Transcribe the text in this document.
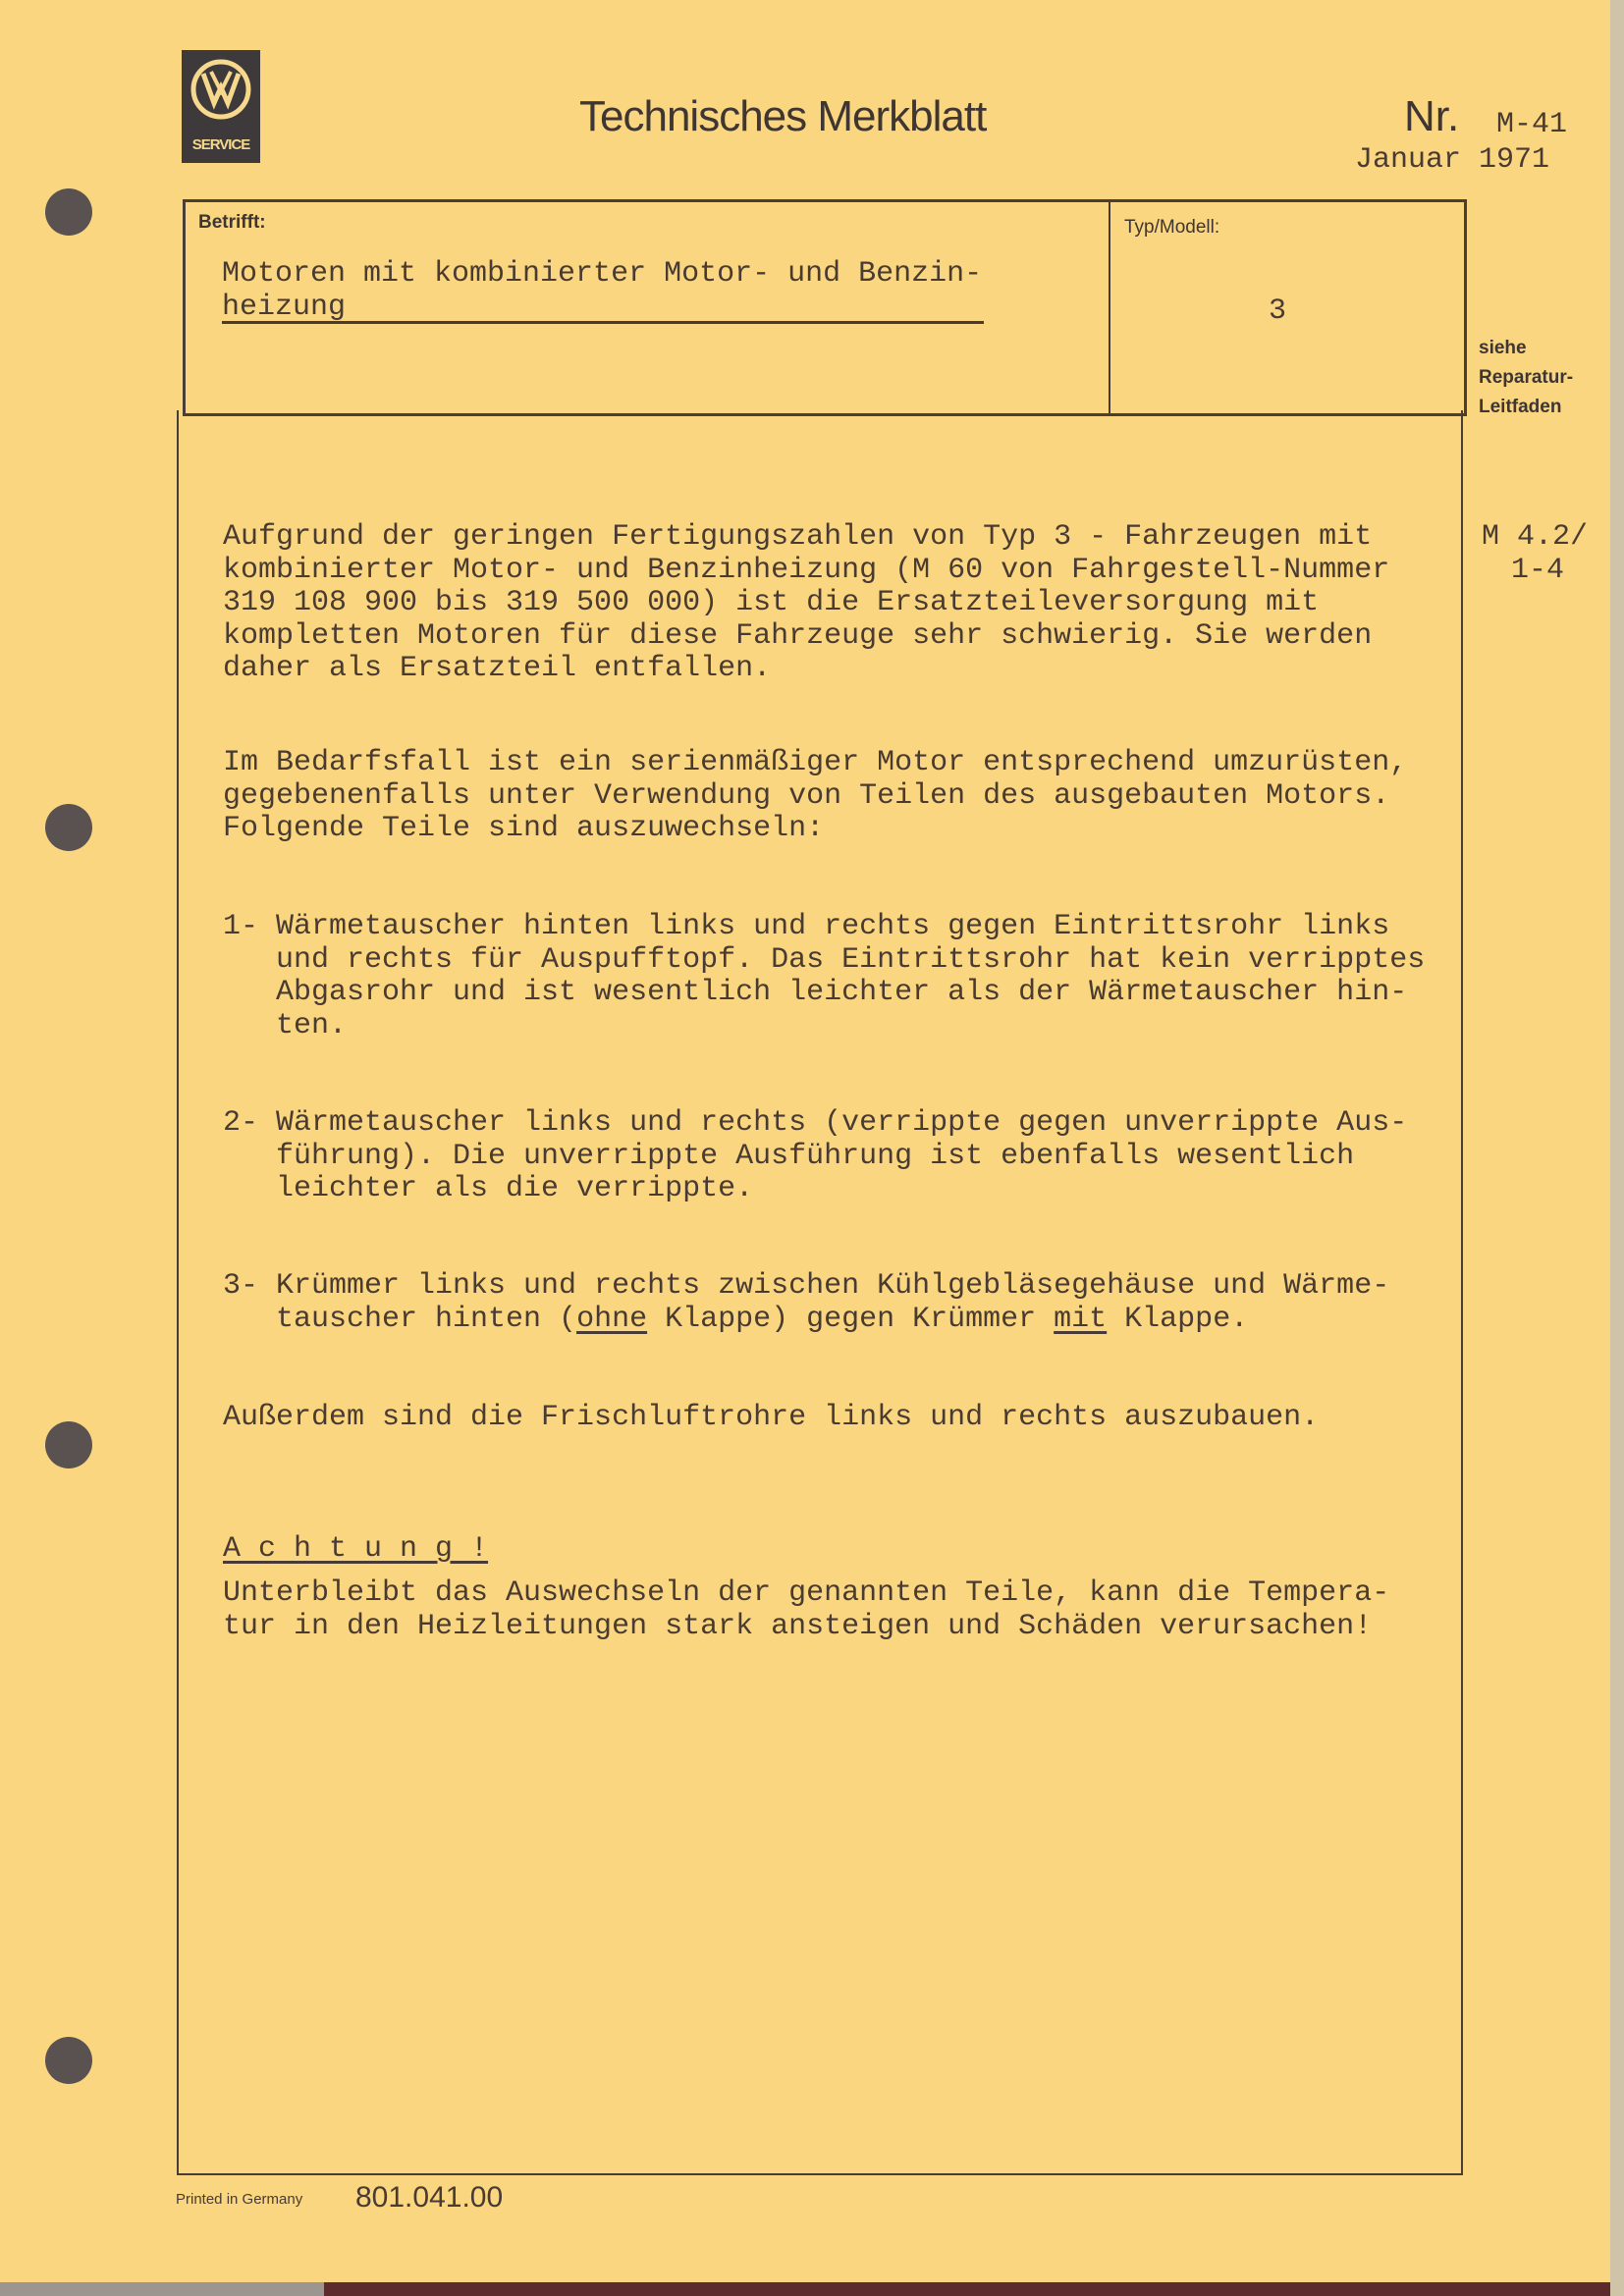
SERVICE
Technisches Merkblatt	Nr. M-41
Januar 1971
Betrifft:
Motoren mit kombinierter Motor- und Benzin-
heizung
Typ/Modell:
3
siehe
Reparatur-
Leitfaden
M 4.2/
1-4
Aufgrund der geringen Fertigungszahlen von Typ 3 - Fahrzeugen mit
kombinierter Motor- und Benzinheizung (M 60 von Fahrgestell-Nummer
319 108 900 bis 319 500 000) ist die Ersatzteileversorgung mit
kompletten Motoren für diese Fahrzeuge sehr schwierig. Sie werden
daher als Ersatzteil entfallen.
Im Bedarfsfall ist ein serienmäßiger Motor entsprechend umzurüsten,
gegebenenfalls unter Verwendung von Teilen des ausgebauten Motors.
Folgende Teile sind auszuwechseln:
1- Wärmetauscher hinten links und rechts gegen Eintrittsrohr links
und rechts für Auspufftopf. Das Eintrittsrohr hat kein verripptes
Abgasrohr und ist wesentlich leichter als der Wärmetauscher hin-
ten.
2- Wärmetauscher links und rechts (verrippte gegen unverrippte Aus-
führung). Die unverrippte Ausführung ist ebenfalls wesentlich
leichter als die verrippte.
3- Krümmer links und rechts zwischen Kühlgebläsegehäuse und Wärme-
tauscher hinten (ohne Klappe) gegen Krümmer mit Klappe.
Außerdem sind die Frischluftrohre links und rechts auszubauen.
A c h t u n g !
Unterbleibt das Auswechseln der genannten Teile, kann die Tempera-
tur in den Heizleitungen stark ansteigen und Schäden verursachen!
Printed in Germany 801.041.00
